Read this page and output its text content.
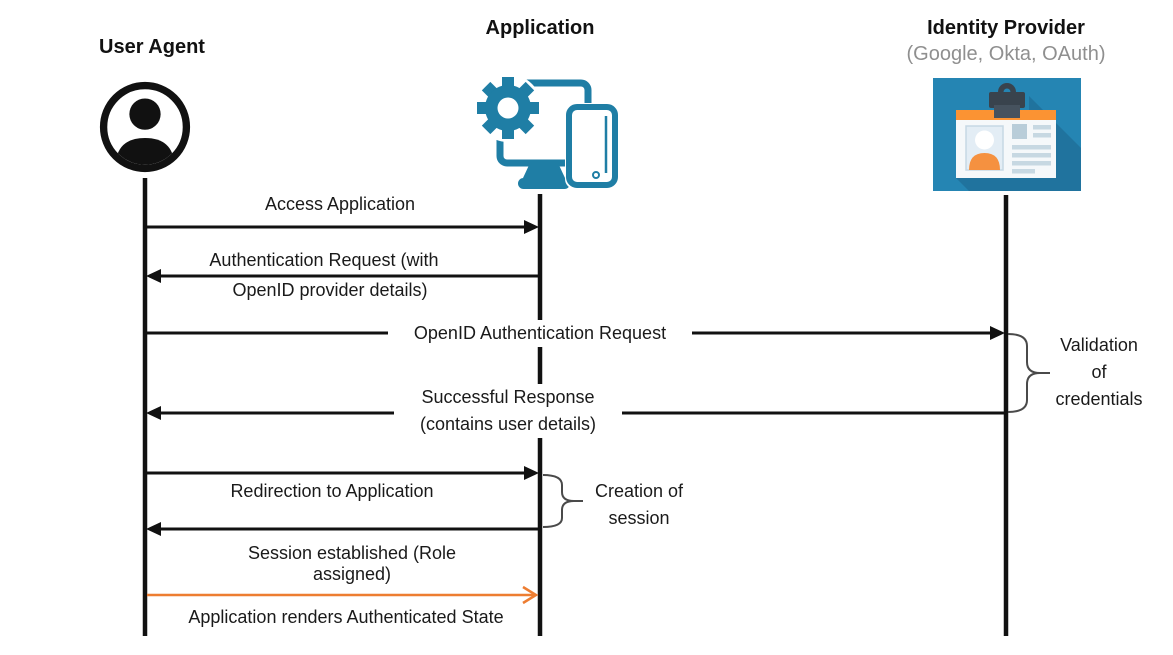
User Agent
Application	Identity Provider
(Google, Okta, OAuth)
Access Application
Authentication Request (with
OpenID provider details)
OpenID Authentication Request
Successful Response
(contains user details)
Redirection to Application
Session established (Role assigned)
Application renders Authenticated State
Validation
of
credentials
Creation of
session
